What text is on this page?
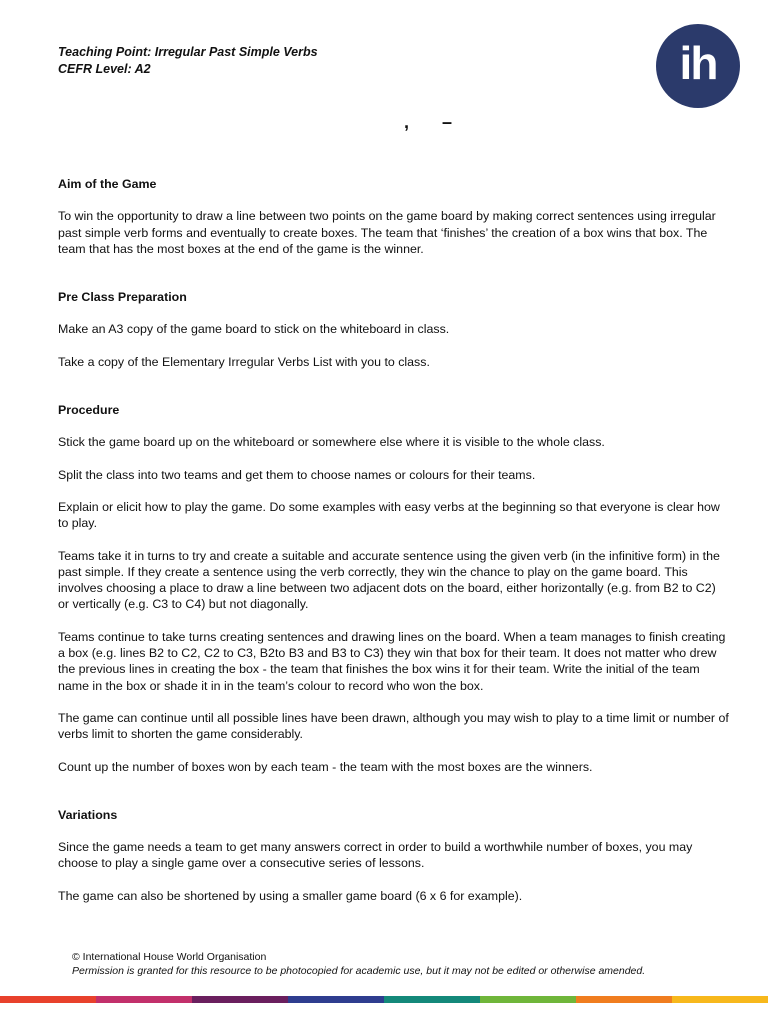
Teaching Point: Irregular Past Simple Verbs
CEFR Level: A2	ih
, –
Aim of the Game

To win the opportunity to draw a line between two points on the game board by making correct sentences using irregular past simple verb forms and eventually to create boxes. The team that ‘finishes’ the creation of a box wins that box. The team that has the most boxes at the end of the game is the winner.

Pre Class Preparation

Make an A3 copy of the game board to stick on the whiteboard in class.

Take a copy of the Elementary Irregular Verbs List with you to class.

Procedure

Stick the game board up on the whiteboard or somewhere else where it is visible to the whole class.

Split the class into two teams and get them to choose names or colours for their teams.

Explain or elicit how to play the game. Do some examples with easy verbs at the beginning so that everyone is clear how to play.

Teams take it in turns to try and create a suitable and accurate sentence using the given verb (in the infinitive form) in the past simple. If they create a sentence using the verb correctly, they win the chance to play on the game board. This involves choosing a place to draw a line between two adjacent dots on the board, either horizontally (e.g. from B2 to C2) or vertically (e.g. C3 to C4) but not diagonally.

Teams continue to take turns creating sentences and drawing lines on the board. When a team manages to finish creating a box (e.g. lines B2 to C2, C2 to C3, B2to B3 and B3 to C3) they win that box for their team. It does not matter who drew the previous lines in creating the box - the team that finishes the box wins it for their team. Write the initial of the team name in the box or shade it in in the team’s colour to record who won the box.

The game can continue until all possible lines have been drawn, although you may wish to play to a time limit or number of verbs limit to shorten the game considerably.

Count up the number of boxes won by each team - the team with the most boxes are the winners.

Variations

Since the game needs a team to get many answers correct in order to build a worthwhile number of boxes, you may choose to play a single game over a consecutive series of lessons.

The game can also be shortened by using a smaller game board (6 x 6 for example).

© International House World Organisation
Permission is granted for this resource to be photocopied for academic use, but it may not be edited or otherwise amended.
